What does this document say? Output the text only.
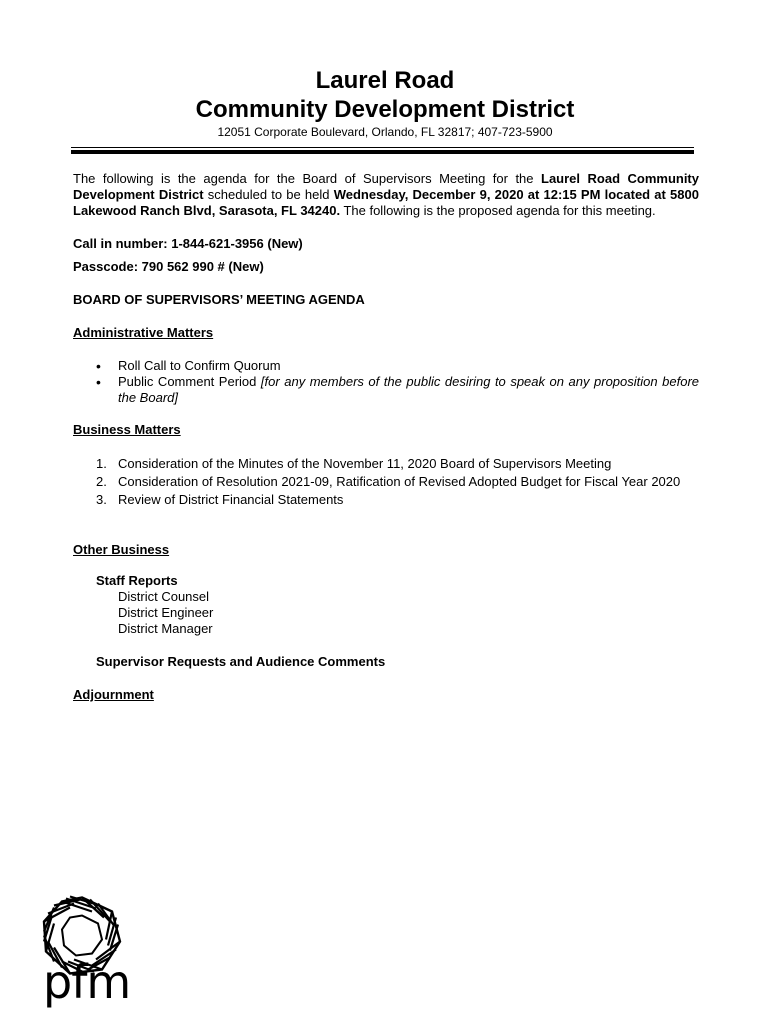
Laurel Road
Community Development District
12051 Corporate Boulevard, Orlando, FL 32817; 407-723-5900

The following is the agenda for the Board of Supervisors Meeting for the Laurel Road Community Development District scheduled to be held Wednesday, December 9, 2020 at 12:15 PM located at 5800 Lakewood Ranch Blvd, Sarasota, FL 34240. The following is the proposed agenda for this meeting.

Call in number: 1-844-621-3956 (New)

Passcode: 790 562 990 # (New)

BOARD OF SUPERVISORS’ MEETING AGENDA

Administrative Matters

• Roll Call to Confirm Quorum
• Public Comment Period [for any members of the public desiring to speak on any proposition before the Board]

Business Matters

1. Consideration of the Minutes of the November 11, 2020 Board of Supervisors Meeting
2. Consideration of Resolution 2021-09, Ratification of Revised Adopted Budget for Fiscal Year 2020
3. Review of District Financial Statements

Other Business

Staff Reports

District Counsel

District Engineer

District Manager

Supervisor Requests and Audience Comments

Adjournment

pfm
